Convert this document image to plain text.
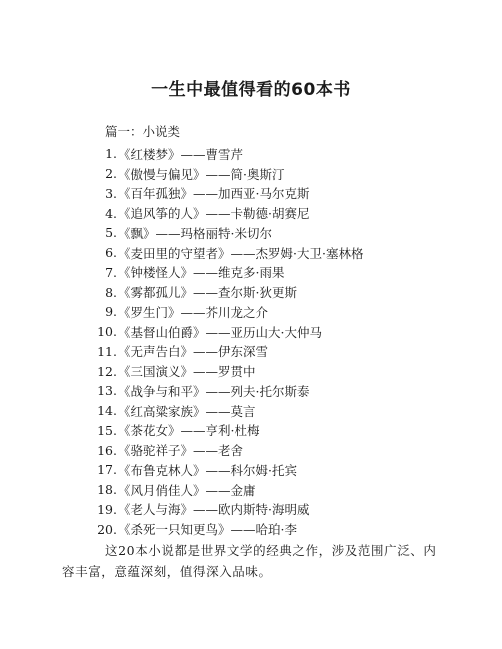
一生中最值得看的60本书
篇一：小说类
1. 《红楼梦》——曹雪芹
2. 《傲慢与偏见》——简·奥斯汀
3. 《百年孤独》——加西亚·马尔克斯
4. 《追风筝的人》——卡勒德·胡赛尼
5. 《飘》——玛格丽特·米切尔
6. 《麦田里的守望者》——杰罗姆·大卫·塞林格
7. 《钟楼怪人》——维克多·雨果
8. 《雾都孤儿》——查尔斯·狄更斯
9. 《罗生门》——芥川龙之介
10. 《基督山伯爵》——亚历山大·大仲马
11. 《无声告白》——伊东深雪
12. 《三国演义》——罗贯中
13. 《战争与和平》——列夫·托尔斯泰
14. 《红高粱家族》——莫言
15. 《茶花女》——亨利·杜梅
16. 《骆驼祥子》——老舍
17. 《布鲁克林人》——科尔姆·托宾
18. 《风月俏佳人》——金庸
19. 《老人与海》——欧内斯特·海明威
20. 《杀死一只知更鸟》——哈珀·李

这20本小说都是世界文学的经典之作，涉及范围广泛、内容丰富，意蕴深刻，值得深入品味。
